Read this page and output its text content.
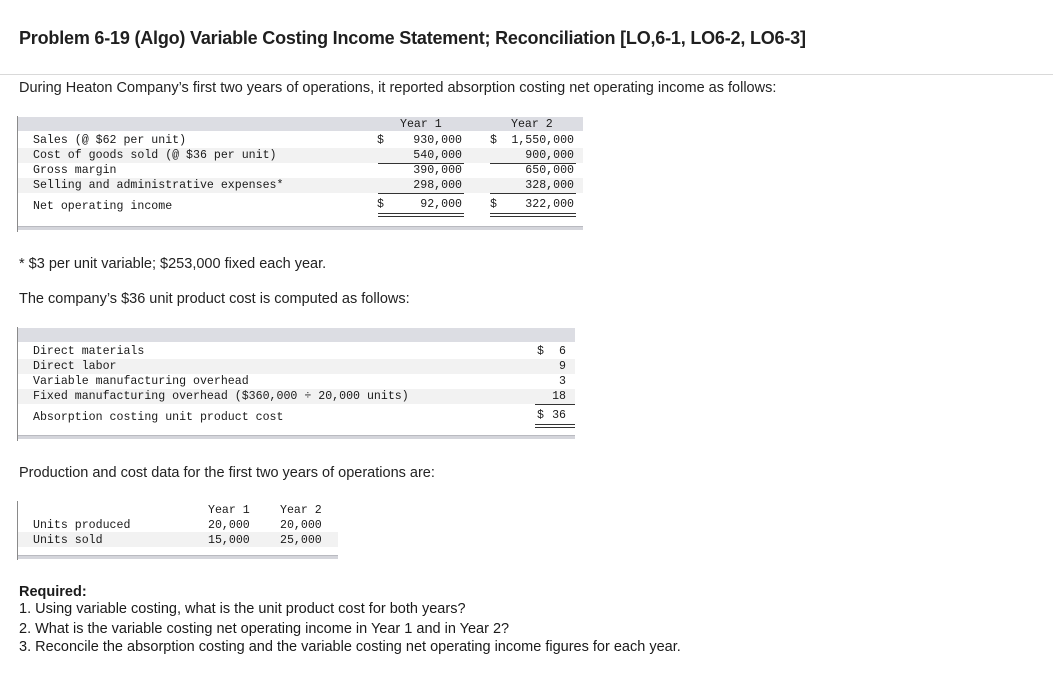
Problem 6-19 (Algo) Variable Costing Income Statement; Reconciliation [LO,6-1, LO6-2, LO6-3]
During Heaton Company’s first two years of operations, it reported absorption costing net operating income as follows:
Year 1	Year 2
Sales (@ $62 per unit)	$	930,000 $	1,550,000
Cost of goods sold (@ $36 per unit)	540,000	900,000
Gross margin	390,000	650,000
Selling and administrative expenses*	298,000	328,000
Net operating income	$	92,000 $	322,000
* $3 per unit variable; $253,000 fixed each year.
The company’s $36 unit product cost is computed as follows:
Direct materials	$	6
Direct labor	9
Variable manufacturing overhead	3
Fixed manufacturing overhead ($360,000 ÷ 20,000 units)	18
Absorption costing unit product cost	$ 36
Production and cost data for the first two years of operations are:
Year 1	Year 2
Units produced	20,000	20,000
Units sold	15,000	25,000
Required:
1. Using variable costing, what is the unit product cost for both years?
2. What is the variable costing net operating income in Year 1 and in Year 2?
3. Reconcile the absorption costing and the variable costing net operating income figures for each year.
